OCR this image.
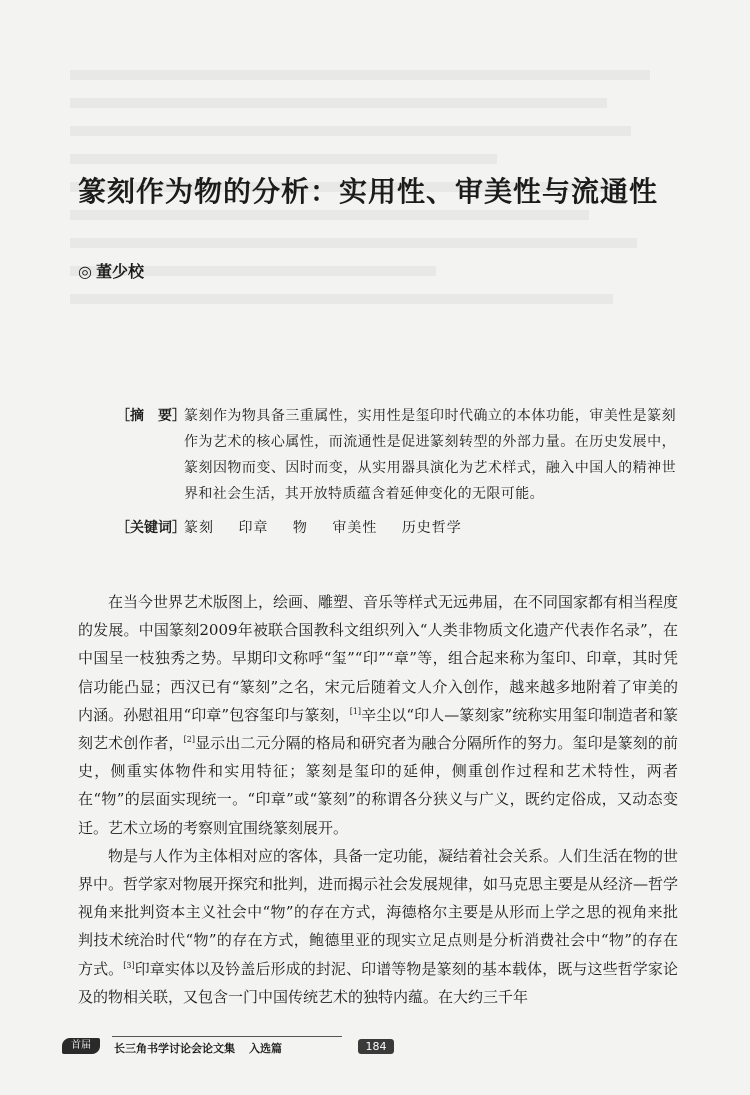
篆刻作为物的分析：实用性、审美性与流通性
◎ 董少校
［摘　要］
篆刻作为物具备三重属性，实用性是玺印时代确立的本体功能，审美性是篆刻作为艺术的核心属性，而流通性是促进篆刻转型的外部力量。在历史发展中，篆刻因物而变、因时而变，从实用器具演化为艺术样式，融入中国人的精神世界和社会生活，其开放特质蕴含着延伸变化的无限可能。
［关键词］
篆刻 印章 物 审美性 历史哲学

在当今世界艺术版图上，绘画、雕塑、音乐等样式无远弗届，在不同国家都有相当程度的发展。中国篆刻2009年被联合国教科文组织列入“人类非物质文化遗产代表作名录”，在中国呈一枝独秀之势。早期印文称呼“玺”“印”“章”等，组合起来称为玺印、印章，其时凭信功能凸显；西汉已有“篆刻”之名，宋元后随着文人介入创作，越来越多地附着了审美的内涵。孙慰祖用“印章”包容玺印与篆刻，[1]辛尘以“印人—篆刻家”统称实用玺印制造者和篆刻艺术创作者，[2]显示出二元分隔的格局和研究者为融合分隔所作的努力。玺印是篆刻的前史，侧重实体物件和实用特征；篆刻是玺印的延伸，侧重创作过程和艺术特性，两者在“物”的层面实现统一。“印章”或“篆刻”的称谓各分狭义与广义，既约定俗成，又动态变迁。艺术立场的考察则宜围绕篆刻展开。

物是与人作为主体相对应的客体，具备一定功能，凝结着社会关系。人们生活在物的世界中。哲学家对物展开探究和批判，进而揭示社会发展规律，如马克思主要是从经济—哲学视角来批判资本主义社会中“物”的存在方式，海德格尔主要是从形而上学之思的视角来批判技术统治时代“物”的存在方式，鲍德里亚的现实立足点则是分析消费社会中“物”的存在方式。[3]印章实体以及钤盖后形成的封泥、印谱等物是篆刻的基本载体，既与这些哲学家论及的物相关联，又包含一门中国传统艺术的独特内蕴。在大约三千年

首届	长三角书学讨论会论文集 入选篇	184
